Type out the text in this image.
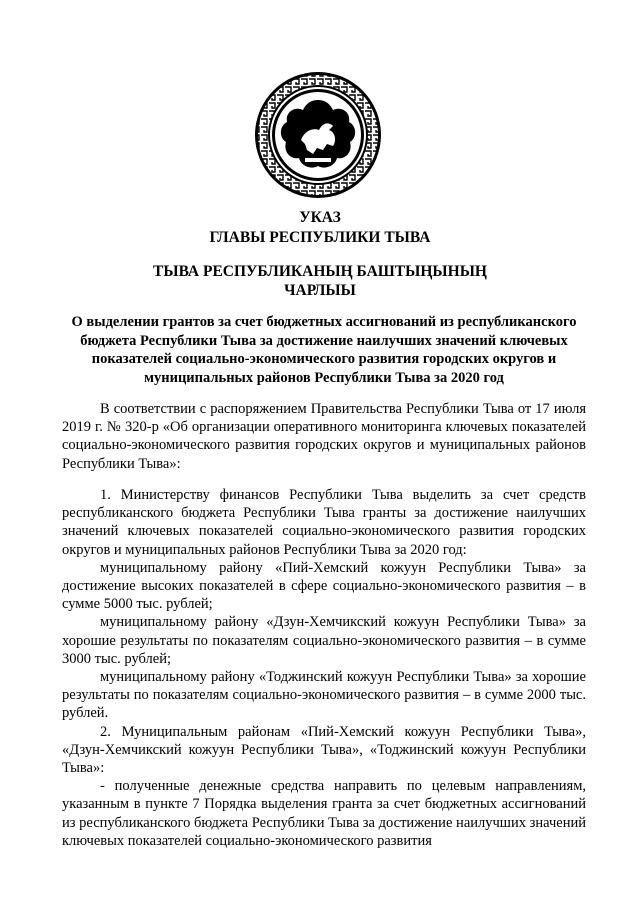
УКАЗ
ГЛАВЫ РЕСПУБЛИКИ ТЫВА
ТЫВА РЕСПУБЛИКАНЫҢ БАШТЫҢЫНЫҢ
ЧАРЛЫЫ
О выделении грантов за счет бюджетных ассигнований из республиканского бюджета Республики Тыва за достижение наилучших значений ключевых показателей социально-экономического развития городских округов и муниципальных районов Республики Тыва за 2020 год

В соответствии с распоряжением Правительства Республики Тыва от 17 июля 2019 г. № 320-р «Об организации оперативного мониторинга ключевых показателей социально-экономического развития городских округов и муниципальных районов Республики Тыва»:

1. Министерству финансов Республики Тыва выделить за счет средств республиканского бюджета Республики Тыва гранты за достижение наилучших значений ключевых показателей социально-экономического развития городских округов и муниципальных районов Республики Тыва за 2020 год:

муниципальному району «Пий-Хемский кожуун Республики Тыва» за достижение высоких показателей в сфере социально-экономического развития – в сумме 5000 тыс. рублей;

муниципальному району «Дзун-Хемчикский кожуун Республики Тыва» за хорошие результаты по показателям социально-экономического развития – в сумме 3000 тыс. рублей;

муниципальному району «Тоджинский кожуун Республики Тыва» за хорошие результаты по показателям социально-экономического развития – в сумме 2000 тыс. рублей.

2. Муниципальным районам «Пий-Хемский кожуун Республики Тыва», «Дзун-Хемчикский кожуун Республики Тыва», «Тоджинский кожуун Республики Тыва»:

- полученные денежные средства направить по целевым направлениям, указанным в пункте 7 Порядка выделения гранта за счет бюджетных ассигнований из республиканского бюджета Республики Тыва за достижение наилучших значений ключевых показателей социально-экономического развития
